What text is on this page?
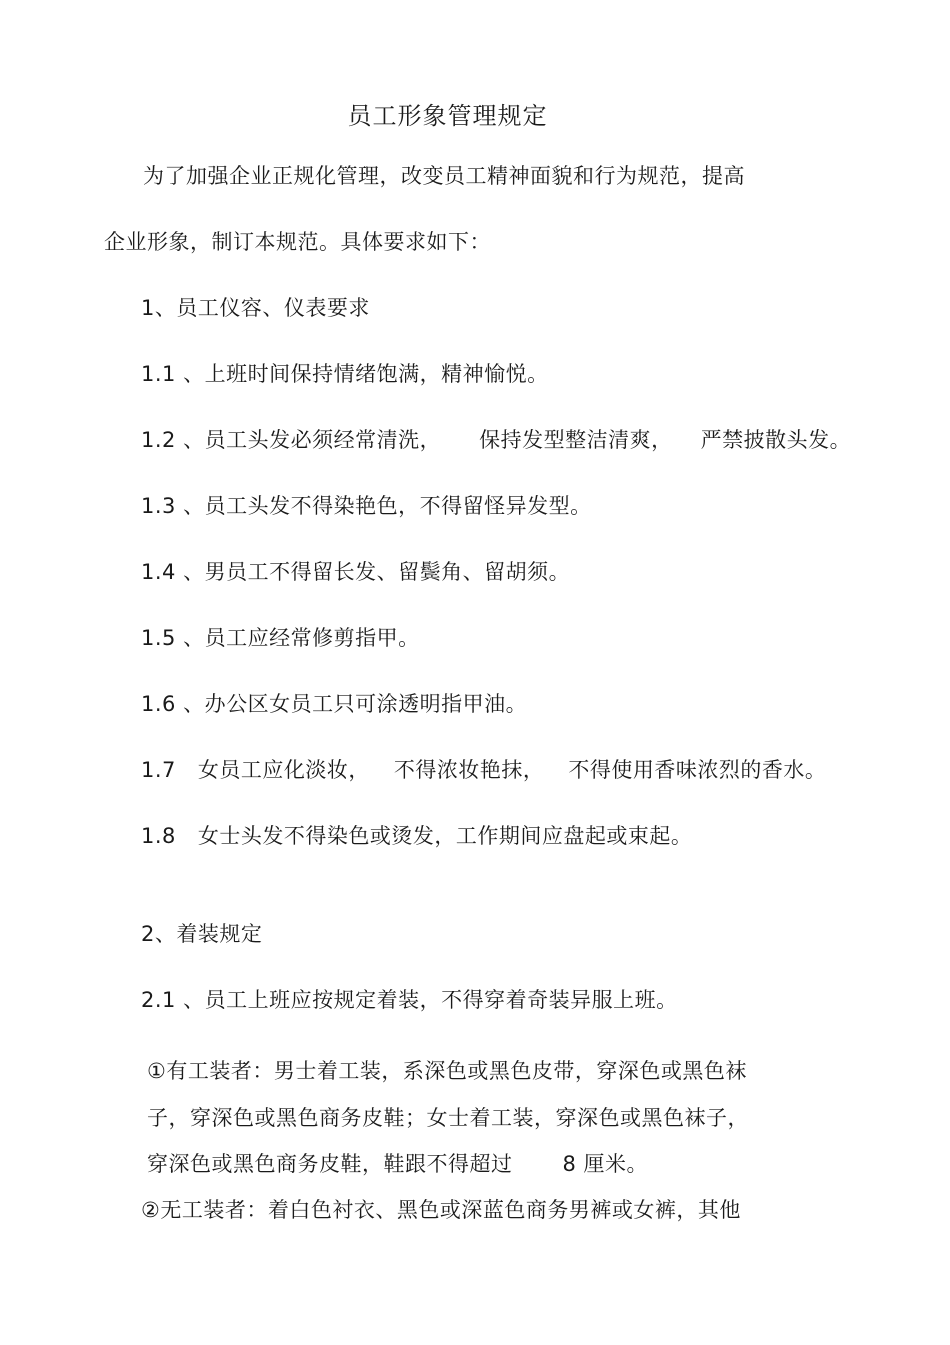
员工形象管理规定
为了加强企业正规化管理，改变员工精神面貌和行为规范，提高
企业形象，制订本规范。具体要求如下：
1、员工仪容、仪表要求
1.1 、上班时间保持情绪饱满，精神愉悦。
1.2 、员工头发必须经常清洗， 保持发型整洁清爽， 严禁披散头发。
1.3 、员工头发不得染艳色，不得留怪异发型。
1.4 、男员工不得留长发、留鬓角、留胡须。
1.5 、员工应经常修剪指甲。
1.6 、办公区女员工只可涂透明指甲油。
1.7 女员工应化淡妆， 不得浓妆艳抹， 不得使用香味浓烈的香水。
1.8 女士头发不得染色或烫发，工作期间应盘起或束起。
2、着装规定
2.1 、员工上班应按规定着装，不得穿着奇装异服上班。
①有工装者：男士着工装，系深色或黑色皮带，穿深色或黑色袜
子，穿深色或黑色商务皮鞋；女士着工装，穿深色或黑色袜子，
穿深色或黑色商务皮鞋，鞋跟不得超过 8 厘米。
②无工装者：着白色衬衣、黑色或深蓝色商务男裤或女裤，其他
